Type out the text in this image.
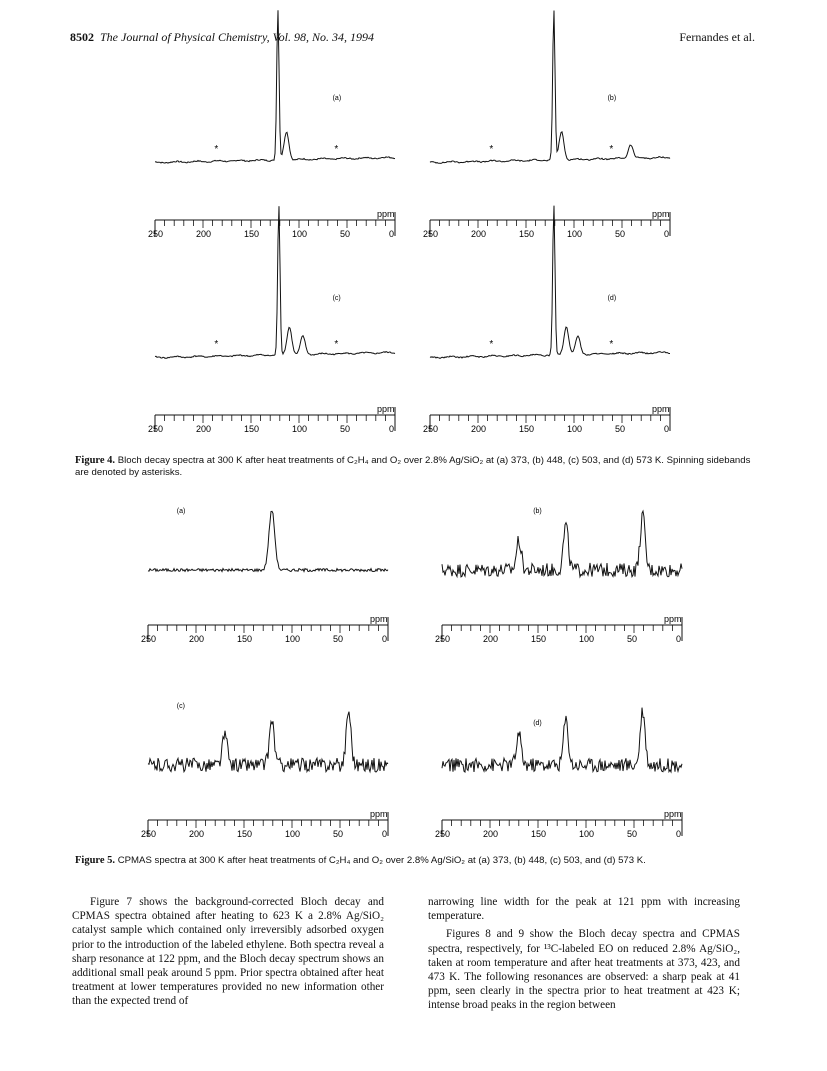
8502 The Journal of Physical Chemistry, Vol. 98, No. 34, 1994	Fernandes et al.
*	*
(a)
250	200	150	100	50	0
ppm
*	*
(b)
250	200	150	100	50	0
ppm
*	*
(c)
250	200	150	100	50	0
ppm
*	*
(d)
250	200	150	100	50	0
ppm
Figure 4. Bloch decay spectra at 300 K after heat treatments of C₂H₄ and O₂ over 2.8% Ag/SiO₂ at (a) 373, (b) 448, (c) 503, and (d) 573 K. Spinning sidebands are denoted by asterisks.
(a)
250	200	150	100	50	0
ppm
(b)
250	200	150	100	50	0
ppm
(c)
250	200	150	100	50	0
ppm
(d)
250	200	150	100	50	0
ppm
Figure 5. CPMAS spectra at 300 K after heat treatments of C₂H₄ and O₂ over 2.8% Ag/SiO₂ at (a) 373, (b) 448, (c) 503, and (d) 573 K.

Figure 7 shows the background-corrected Bloch decay and CPMAS spectra obtained after heating to 623 K a 2.8% Ag/SiO₂ catalyst sample which contained only irreversibly adsorbed oxygen prior to the introduction of the labeled ethylene. Both spectra reveal a sharp resonance at 122 ppm, and the Bloch decay spectrum shows an additional small peak around 5 ppm. Prior spectra obtained after heat treatment at lower temperatures provided no new information other than the expected trend of

narrowing line width for the peak at 121 ppm with increasing temperature.

Figures 8 and 9 show the Bloch decay spectra and CPMAS spectra, respectively, for ¹³C-labeled EO on reduced 2.8% Ag/SiO₂, taken at room temperature and after heat treatments at 373, 423, and 473 K. The following resonances are observed: a sharp peak at 41 ppm, seen clearly in the spectra prior to heat treatment at 423 K; intense broad peaks in the region between
